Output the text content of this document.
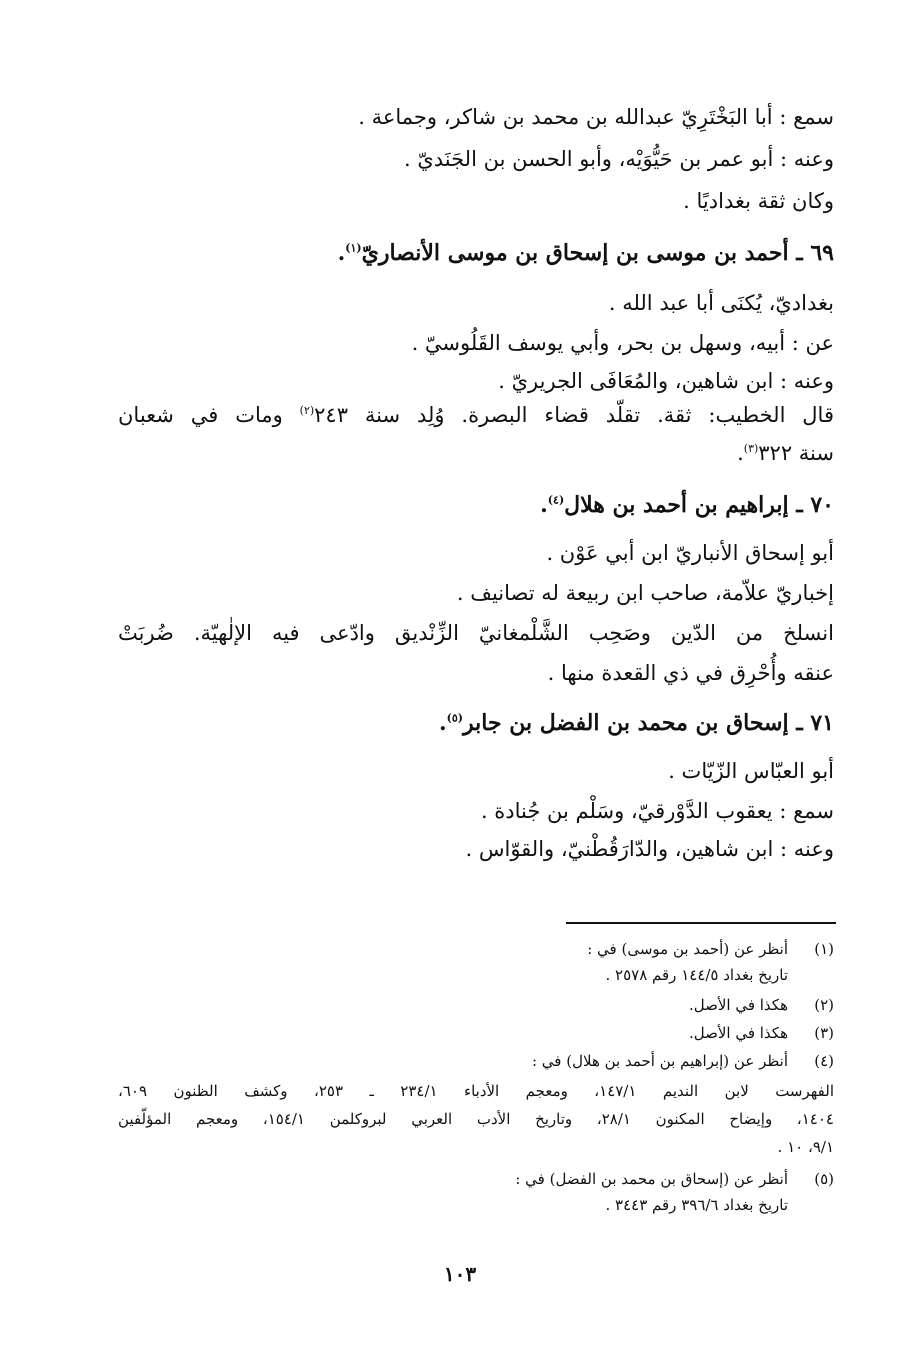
سمع : أبا البَخْتَرِيّ عبدالله بن محمد بن شاكر، وجماعة .
وعنه : أبو عمر بن حَيُّوَيْه، وأبو الحسن بن الجَنَديّ .
وكان ثقة بغداديًا .
٦٩ ـ أحمد بن موسى بن إسحاق بن موسى الأنصاريّ$^{(١)}$.
بغداديّ، يُكنَى أبا عبد الله .
عن : أبيه، وسهل بن بحر، وأبي يوسف القَلُوسيّ .
وعنه : ابن شاهين، والمُعَافَى الجريريّ .
قال الخطيب: ثقة. تقلّد قضاء البصرة. وُلِد سنة ٢٤٣$^{(٢)}$ ومات في شعبان
سنة ٣٢٢$^{(٣)}$.
٧٠ ـ إبراهيم بن أحمد بن هلال$^{(٤)}$.
أبو إسحاق الأنباريّ ابن أبي عَوْن .
إخباريّ علاّمة، صاحب ابن ربيعة له تصانيف .
انسلخ من الدّين وصَحِب الشَّلْمغانيّ الزِّنْديق وادّعى فيه الإلٰهيّة. ضُربَتْ
عنقه وأُحْرِق في ذي القعدة منها .
٧١ ـ إسحاق بن محمد بن الفضل بن جابر$^{(٥)}$.
أبو العبّاس الزّيّات .
سمع : يعقوب الدَّوْرقيّ، وسَلْم بن جُنادة .
وعنه : ابن شاهين، والدّارَقُطْنيّ، والقوّاس .
(١)
أنظر عن (أحمد بن موسى) في :
تاريخ بغداد ١٤٤/٥ رقم ٢٥٧٨ .
(٢)
هكذا في الأصل.
(٣)
هكذا في الأصل.
(٤)
أنظر عن (إبراهيم بن أحمد بن هلال) في :
الفهرست لابن النديم ١٤٧/١، ومعجم الأدباء ٢٣٤/١ ـ ٢٥٣، وكشف الظنون ٦٠٩،
١٤٠٤، وإيضاح المكنون ٢٨/١، وتاريخ الأدب العربي لبروكلمن ١٥٤/١، ومعجم المؤلّفين
٩/١، ١٠ .
(٥)
أنظر عن (إسحاق بن محمد بن الفضل) في :
تاريخ بغداد ٣٩٦/٦ رقم ٣٤٤٣ .
١٠٣
